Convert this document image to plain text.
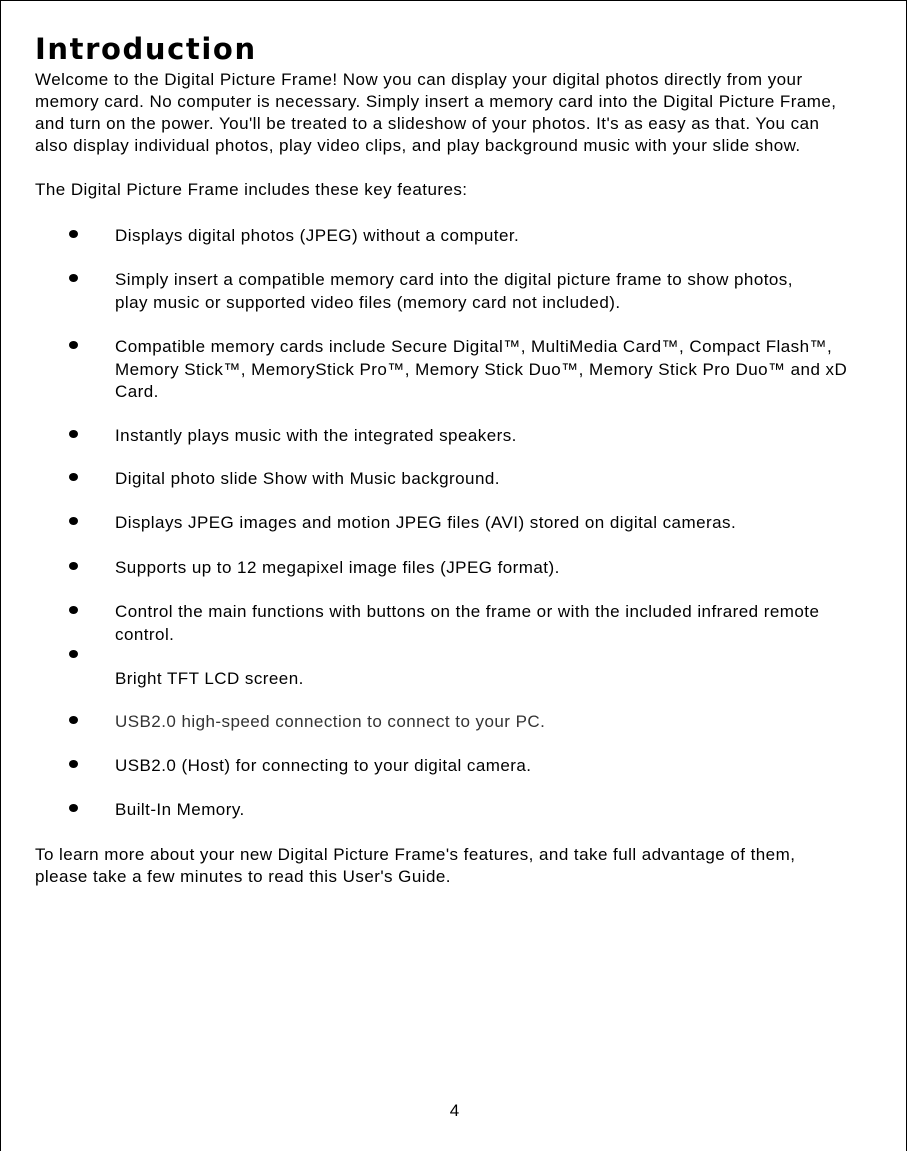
Introduction

Welcome to the Digital Picture Frame! Now you can display your digital photos directly from your
memory card. No computer is necessary. Simply insert a memory card into the Digital Picture Frame,
and turn on the power. You'll be treated to a slideshow of your photos. It's as easy as that. You can
also display individual photos, play video clips, and play background music with your slide show.

The Digital Picture Frame includes these key features:

Displays digital photos (JPEG) without a computer.
Simply insert a compatible memory card into the digital picture frame to show photos,
play music or supported video files (memory card not included).
Compatible memory cards include Secure Digital™, MultiMedia Card™, Compact Flash™,
Memory Stick™, MemoryStick Pro™, Memory Stick Duo™, Memory Stick Pro Duo™ and xD
Card.
Instantly plays music with the integrated speakers.
Digital photo slide Show with Music background.
Displays JPEG images and motion JPEG files (AVI) stored on digital cameras.
Supports up to 12 megapixel image files (JPEG format).
Control the main functions with buttons on the frame or with the included infrared remote
control.
Bright TFT LCD screen.
USB2.0 high-speed connection to connect to your PC.
USB2.0 (Host) for connecting to your digital camera.
Built-In Memory.

To learn more about your new Digital Picture Frame's features, and take full advantage of them,
please take a few minutes to read this User's Guide.

4
